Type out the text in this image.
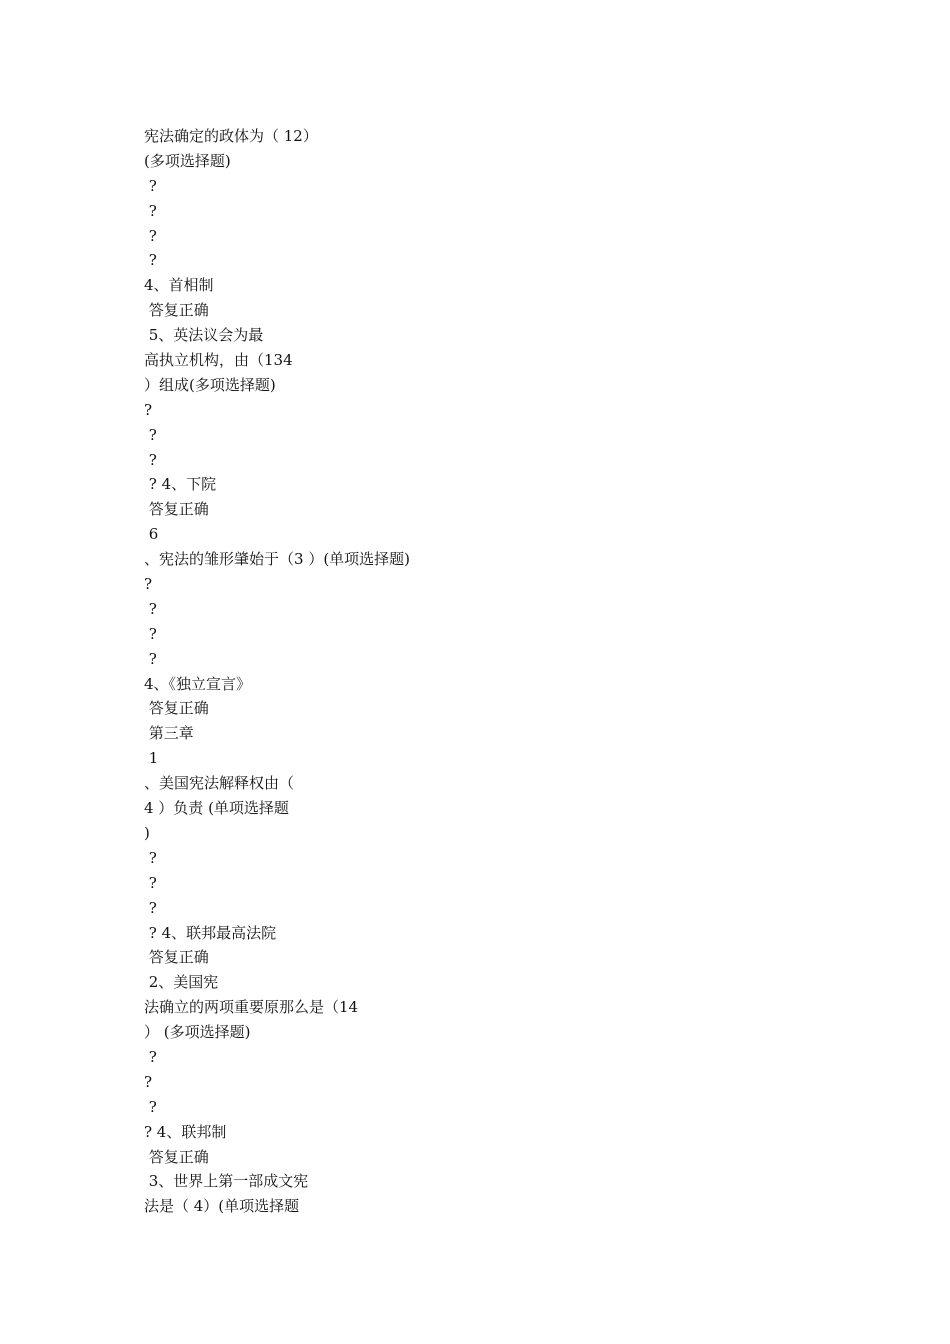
宪法确定的政体为（ 12）
(多项选择题)
?
?
?
?
4、首相制
答复正确
5、英法议会为最
高执立机构，由（134
）组成(多项选择题)
?
?
?
? 4、下院
答复正确
6
、宪法的雏形肇始于（3 ）(单项选择题)
?
?
?
?
4、《独立宣言》
答复正确
第三章
1
、美国宪法解释权由（
4 ）负责 (单项选择题
)
?
?
?
? 4、联邦最高法院
答复正确
2、美国宪
法确立的两项重要原那么是（14
） (多项选择题)
?
?
?
? 4、联邦制
答复正确
3、世界上第一部成文宪
法是（ 4）(单项选择题
